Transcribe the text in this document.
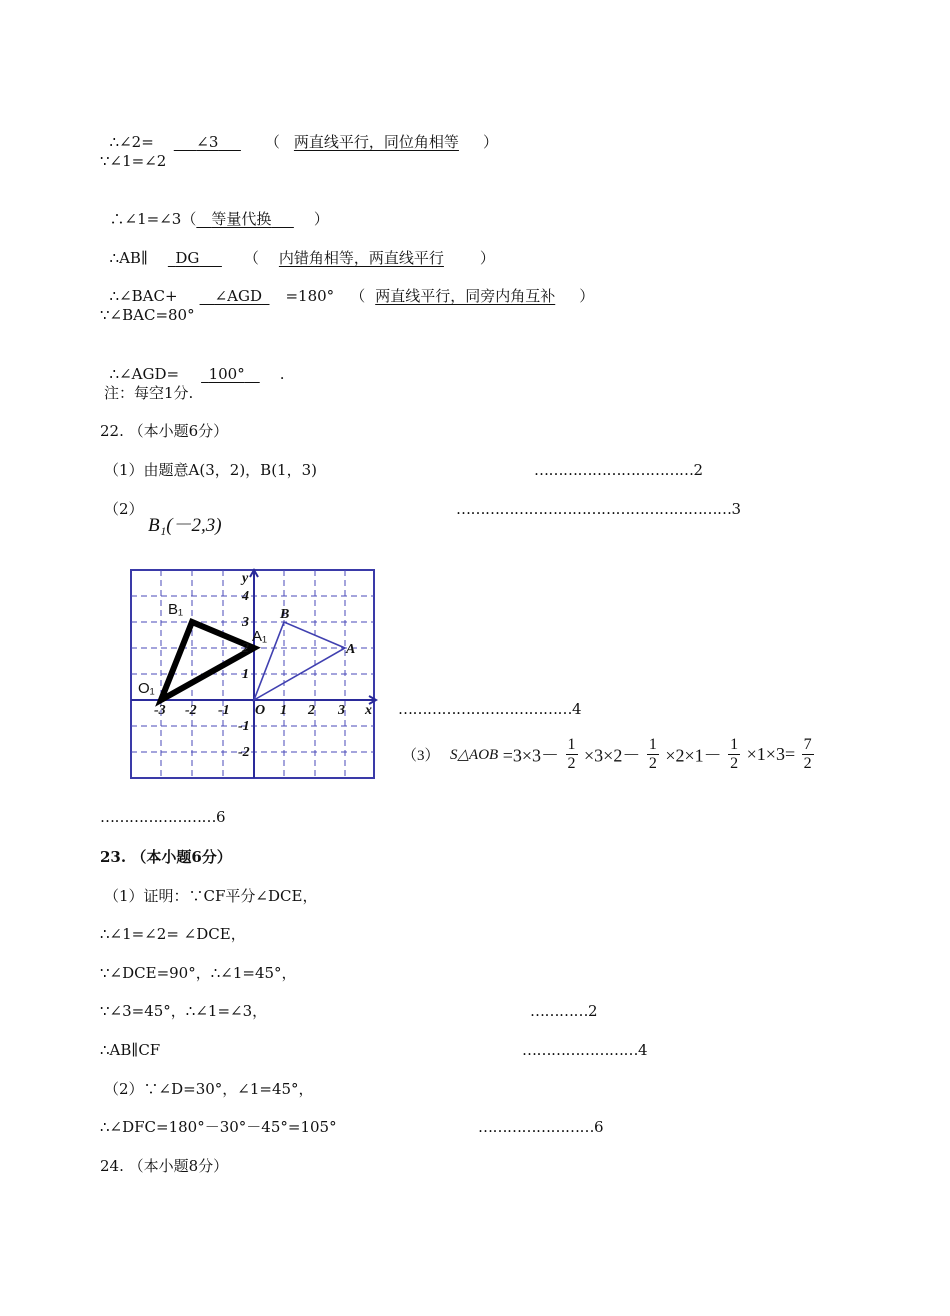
∴∠2=   	∠3   	（ 两直线平行，同位角相等 ）

∵∠1=∠2

∴∠1=∠3（   等量代换   	）

∴AB∥  DG   	（ 内错角相等，两直线平行 ）

∴∠BAC+   ∠AGD  =180° （ 两直线平行，同旁内角互补 ）

∵∠BAC=80°

∴∠AGD=  100°   .

注：每空1分.
22. （本小题6分）
（1）由题意A(3，2)，B(1，3)	……………………………2
（2）
B₁(－2,3)
…………………………………………………3
y
4
3
2
1
-1
-2
-3 -2 -1 O 1 2 3 x
B
A
B₁
A₁
O₁
………………………………4
（3） S△AOB $=3\times 3- \frac{1}{2} \times 3\times 2- \frac{1}{2} \times 2\times 1- \frac{1}{2} \times 1\times 3= \frac{7}{2}$
……………………6
23. （本小题6分）
（1）证明：∵CF平分∠DCE，
∴∠1=∠2= ∠DCE，
∵∠DCE=90°，∴∠1=45°，
∵∠3=45°，∴∠1=∠3，	…………2
∴AB∥CF	……………………4
（2）∵∠D=30°，∠1=45°，
∴∠DFC=180°－30°－45°=105°	……………………6
24. （本小题8分）
